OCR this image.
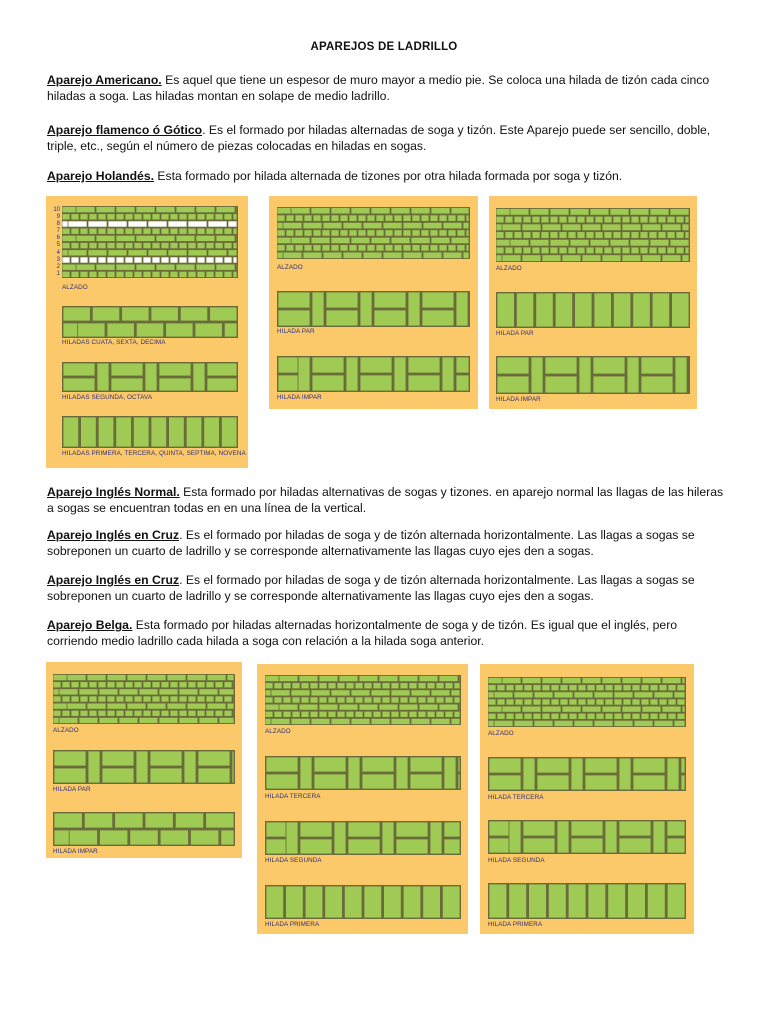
APAREJOS DE LADRILLO
Aparejo Americano. Es aquel que tiene un espesor de muro mayor a medio pie. Se coloca una hilada de tizón cada cinco hiladas a soga. Las hiladas montan en solape de medio ladrillo.
Aparejo flamenco ó Gótico. Es el formado por hiladas alternadas de soga y tizón. Este Aparejo puede ser sencillo, doble, triple, etc., según el número de piezas colocadas en hiladas en sogas.
Aparejo Holandés. Esta formado por hilada alternada de tizones por otra hilada formada por soga y tizón.
10
9
8
7
6
5
4
3
2
1
ALZADO
HILADAS CUATA, SEXTA, DECIMA
HILADAS SEGUNDA, OCTAVA
HILADAS PRIMERA, TERCERA, QUINTA, SEPTIMA, NOVENA
ALZADO
HILADA PAR
HILADA IMPAR
ALZADO
HILADA PAR
HILADA IMPAR
Aparejo Inglés Normal. Esta formado por hiladas alternativas de sogas y tizones. en aparejo normal las llagas de las hileras a sogas se encuentran todas en en una línea de la vertical.
Aparejo Inglés en Cruz. Es el formado por hiladas de soga y de tizón alternada horizontalmente. Las llagas a sogas se sobreponen un cuarto de ladrillo y se corresponde alternativamente las llagas cuyo ejes den a sogas.
Aparejo Inglés en Cruz. Es el formado por hiladas de soga y de tizón alternada horizontalmente. Las llagas a sogas se sobreponen un cuarto de ladrillo y se corresponde alternativamente las llagas cuyo ejes den a sogas.
Aparejo Belga. Esta formado por hiladas alternadas horizontalmente de soga y de tizón. Es igual que el inglés, pero corriendo medio ladrillo cada hilada a soga con relación a la hilada soga anterior.
ALZADO
HILADA PAR
HILADA IMPAR
ALZADO
HILADA TERCERA
HILADA SEGUNDA
HILADA PRIMERA
ALZADO
HILADA TERCERA
HILADA SEGUNDA
HILADA PRIMERA
